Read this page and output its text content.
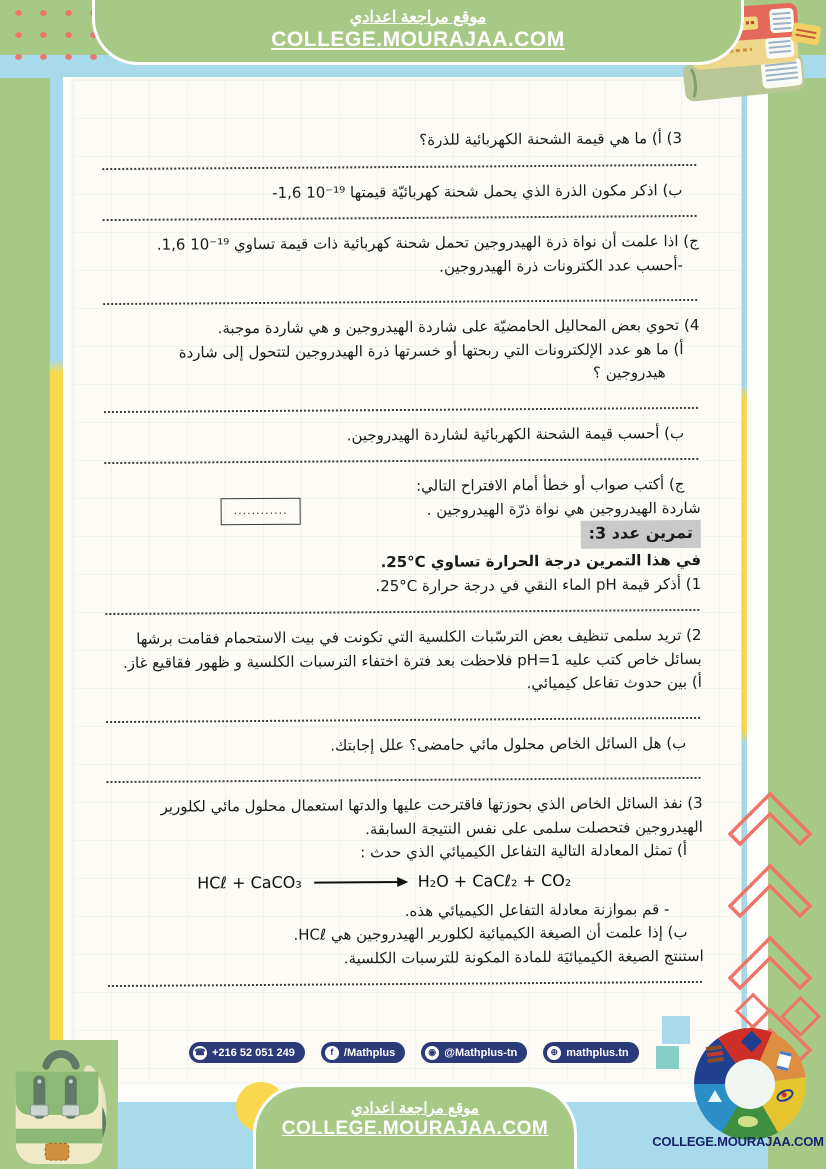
موقع مراجعة اعدادي
COLLEGE.MOURAJAA.COM
3) أ) ما هي قيمة الشحنة الكهربائية للذرة؟
ب) اذكر مكون الذرة الذي يحمل شحنة كهربائيّة قيمتها ⁦1,6 10⁻¹⁹⁩-
ج) اذا علمت أن نواة ذرة الهيدروجين تحمل شحنة كهربائية ذات قيمة تساوي ⁦1,6 10⁻¹⁹⁩.
-أحسب عدد الكترونات ذرة الهيدروجين.
4) تحوي بعض المحاليل الحامضيّة على شاردة الهيدروجين و هي شاردة موجبة.
أ) ما هو عدد الإلكترونات التي ربحتها أو خسرتها ذرة الهيدروجين لتتحول إلى شاردة
هيدروجين ؟
ب) أحسب قيمة الشحنة الكهربائية لشاردة الهيدروجين.
ج) أكتب صواب أو خطأ أمام الافتراح التالي:
شاردة الهيدروجين هي نواة ذرّة الهيدروجين .
............
تمرين عدد 3:
في هذا التمرين درجة الحرارة تساوي ⁦25°C⁩.
1) أذكر قيمة pH الماء النقي في درجة حرارة ⁦25°C⁩.
2) تريد سلمى تنظيف بعض الترسّبات الكلسية التي تكونت في بيت الاستحمام فقامت برشها
بسائل خاص كتب عليه ⁦pH=1⁩ فلاحظت بعد فترة اختفاء الترسبات الكلسية و ظهور فقاقيع غاز.
أ) بين حدوث تفاعل كيميائي.
ب) هل السائل الخاص محلول مائي حامضى؟ علل إجابتك.
3) نفذ السائل الخاص الذي بحوزتها فاقترحت عليها والدتها استعمال محلول مائي لكلورير
الهيدروجين فتحصلت سلمى على نفس النتيجة السابقة.
أ) تمثل المعادلة التالية التفاعل الكيميائي الذي حدث :
HCℓ + CaCO₃	H₂O + CaCℓ₂ + CO₂
- قم بموازنة معادلة التفاعل الكيميائي هذه.
ب) إذا علمت أن الصيغة الكيميائية لكلورير الهيدروجين هي ⁦HCℓ⁩.
استنتج الصيغة الكيميائيَة للمادة المكونة للترسبات الكلسية.
☎ +216 52 051 249	f /Mathplus	◉ @Mathplus-tn	⊕ mathplus.tn
موقع مراجعة اعدادي
COLLEGE.MOURAJAA.COM
COLLEGE.MOURAJAA.COM
